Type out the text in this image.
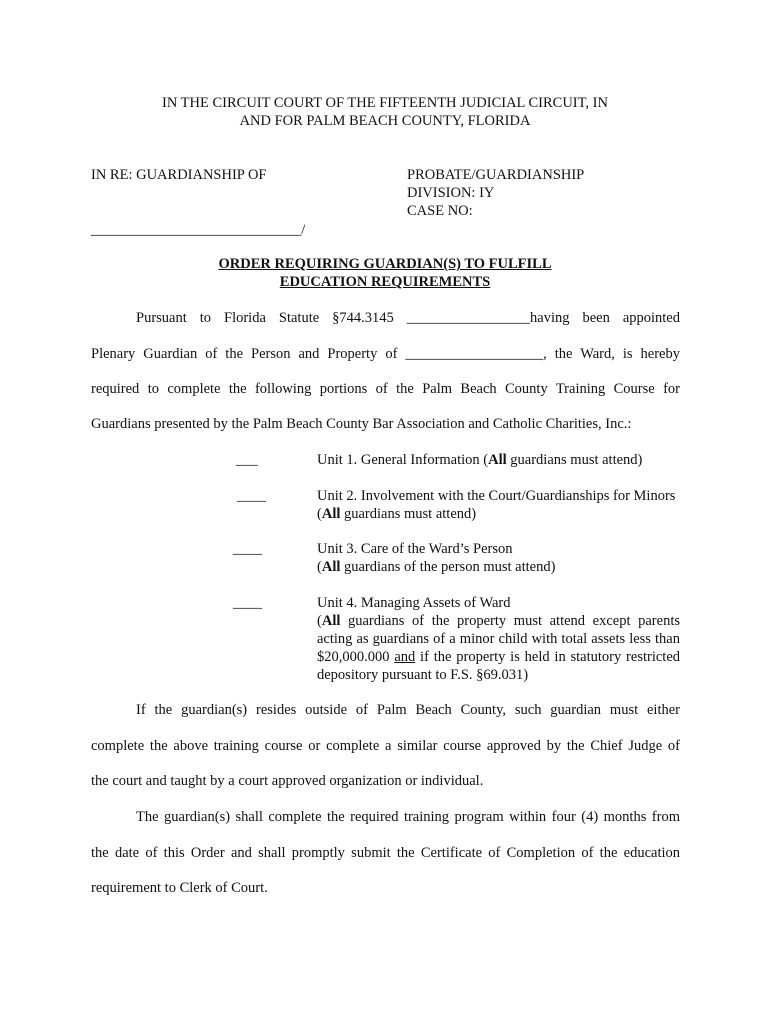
IN THE CIRCUIT COURT OF THE FIFTEENTH JUDICIAL CIRCUIT, IN
AND FOR PALM BEACH COUNTY, FLORIDA
IN RE: GUARDIANSHIP OF	PROBATE/GUARDIANSHIP
DIVISION: IY
CASE NO:
_____________________________/
ORDER REQUIRING GUARDIAN(S) TO FULFILL
EDUCATION REQUIREMENTS
Pursuant to Florida Statute §744.3145 _________________having been appointed
Plenary Guardian of the Person and Property of ___________________, the Ward, is hereby
required to complete the following portions of the Palm Beach County Training Course for
Guardians presented by the Palm Beach County Bar Association and Catholic Charities, Inc.:
___	Unit 1. General Information (All guardians must attend)
____	Unit 2. Involvement with the Court/Guardianships for Minors
(All guardians must attend)
____	Unit 3. Care of the Ward’s Person
(All guardians of the person must attend)
____	Unit 4. Managing Assets of Ward
(All guardians of the property must attend except parents acting as guardians of a minor child with total assets less than $20,000.000 and if the property is held in statutory restricted depository pursuant to F.S. §69.031)
If the guardian(s) resides outside of Palm Beach County, such guardian must either
complete the above training course or complete a similar course approved by the Chief Judge of
the court and taught by a court approved organization or individual.
The guardian(s) shall complete the required training program within four (4) months from
the date of this Order and shall promptly submit the Certificate of Completion of the education
requirement to Clerk of Court.
